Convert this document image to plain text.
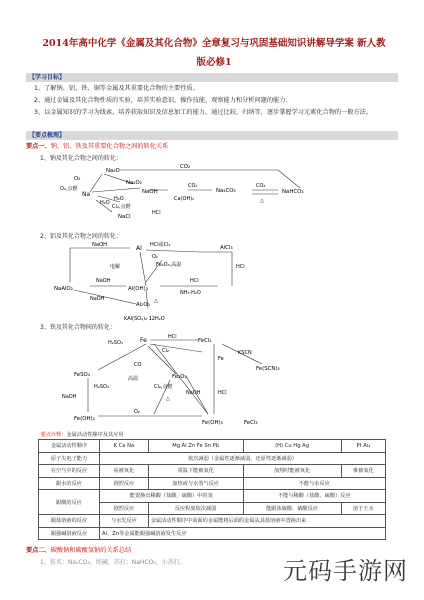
2014年高中化学《金属及其化合物》全章复习与巩固基础知识讲解导学案 新人教
版必修1
【学习目标】
1、了解钠、铝、铁、铜等金属及其重要化合物的主要性质。
2、通过金属及其化合物性质的实验，培养实验意识、操作技能、观察能力和分析问题的能力；
3、以金属知识的学习为线索，培养获取知识及信息加工的能力，通过比较、归纳等，逐步掌握学习元素化合物的一般方法。
【要点梳理】
要点一、钠、铝、铁及其重要化合物之间的转化关系
1、钠及其化合物之间的转化：
Na₂O
O₂
O₂,点燃
Na
CO₂
Na₂O₂
Cl₂,点燃
NaCl
H₂O
NaOH	Na₂CO₃	NaHCO₃
CO₂
Ca(OH)₂
CO₂
△
HCl
H₂O
2、铝及其化合物之间的转化：
NaOH	Al
O₂
HCl或Cl₂
Fe₂O₃,高温
AlCl₃
NaOH	HCl
NaAlO₂	Al(OH)₃
NH₃·H₂O
HCl
电解
Al₂O₃
KAl(SO₄)₂·12H₂O
NaOH	△
3、铁及其化合物间的转化：
H₂SO₄	Fe	HCl
FeCl₂
FeSO₄
Cl₂
Fe
KSCN
H₂SO₄
CO
Fe(SCN)₃
NaOH
Fe₂O₃
NaOH	HCl
Fe(OH)₂
O₂
Fe(OH)₃
△
FeCl₃
Cl₂,点燃
高温
要点诠释：金属活动性顺序及其应用				
金属活动性顺序	K Ca Na	Mg Al Zn Fe Sn Pb	(H) Cu Hg Ag	Pt Au
原子失电子能力	依次减弱（金属性逐渐减弱，还原性逐渐减弱）			
在空气中的反应	易被氧化	常温下能被氧化	加热时能被氧化	难被氧化
跟水的反应	剧烈反应	加热或与水蒸气反应	不能与水反应	
跟酸的反应	能置换出稀酸（盐酸、硫酸）中的氢		不能与稀酸（盐酸、硫酸）反应	
	剧烈反应	反应程度依次减弱	能跟浓硫酸、硝酸反应	溶于王水
跟盐溶液的反应	与水先反应	金属活动性顺序中前面的金属能将后面的金属从其盐溶液中置换出来		
跟强碱溶液反应	Al、Zn等金属能跟强碱溶液发生反应			
要点二、碳酸钠和碳酸氢钠的关系总结
1、俗名：Na₂CO₃，纯碱，苏打；NaHCO₃，小苏打。	元码手游网
